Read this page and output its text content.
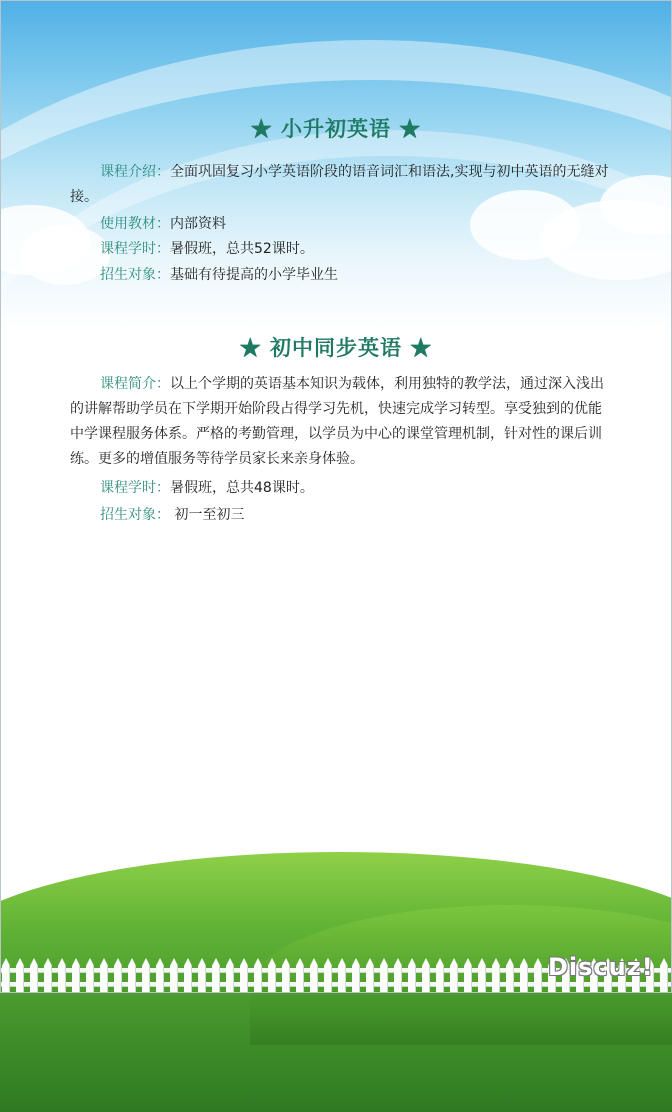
★ 小升初英语 ★

课程介绍：全面巩固复习小学英语阶段的语音词汇和语法,实现与初中英语的无缝对接。

使用教材：内部资料
课程学时：暑假班，总共52课时。
招生对象：基础有待提高的小学毕业生
★ 初中同步英语 ★

课程简介：以上个学期的英语基本知识为载体，利用独特的教学法，通过深入浅出的讲解帮助学员在下学期开始阶段占得学习先机，快速完成学习转型。享受独到的优能中学课程服务体系。严格的考勤管理，以学员为中心的课堂管理机制，针对性的课后训练。更多的增值服务等待学员家长来亲身体验。

课程学时：暑假班，总共48课时。
招生对象： 初一至初三
Discuz!
